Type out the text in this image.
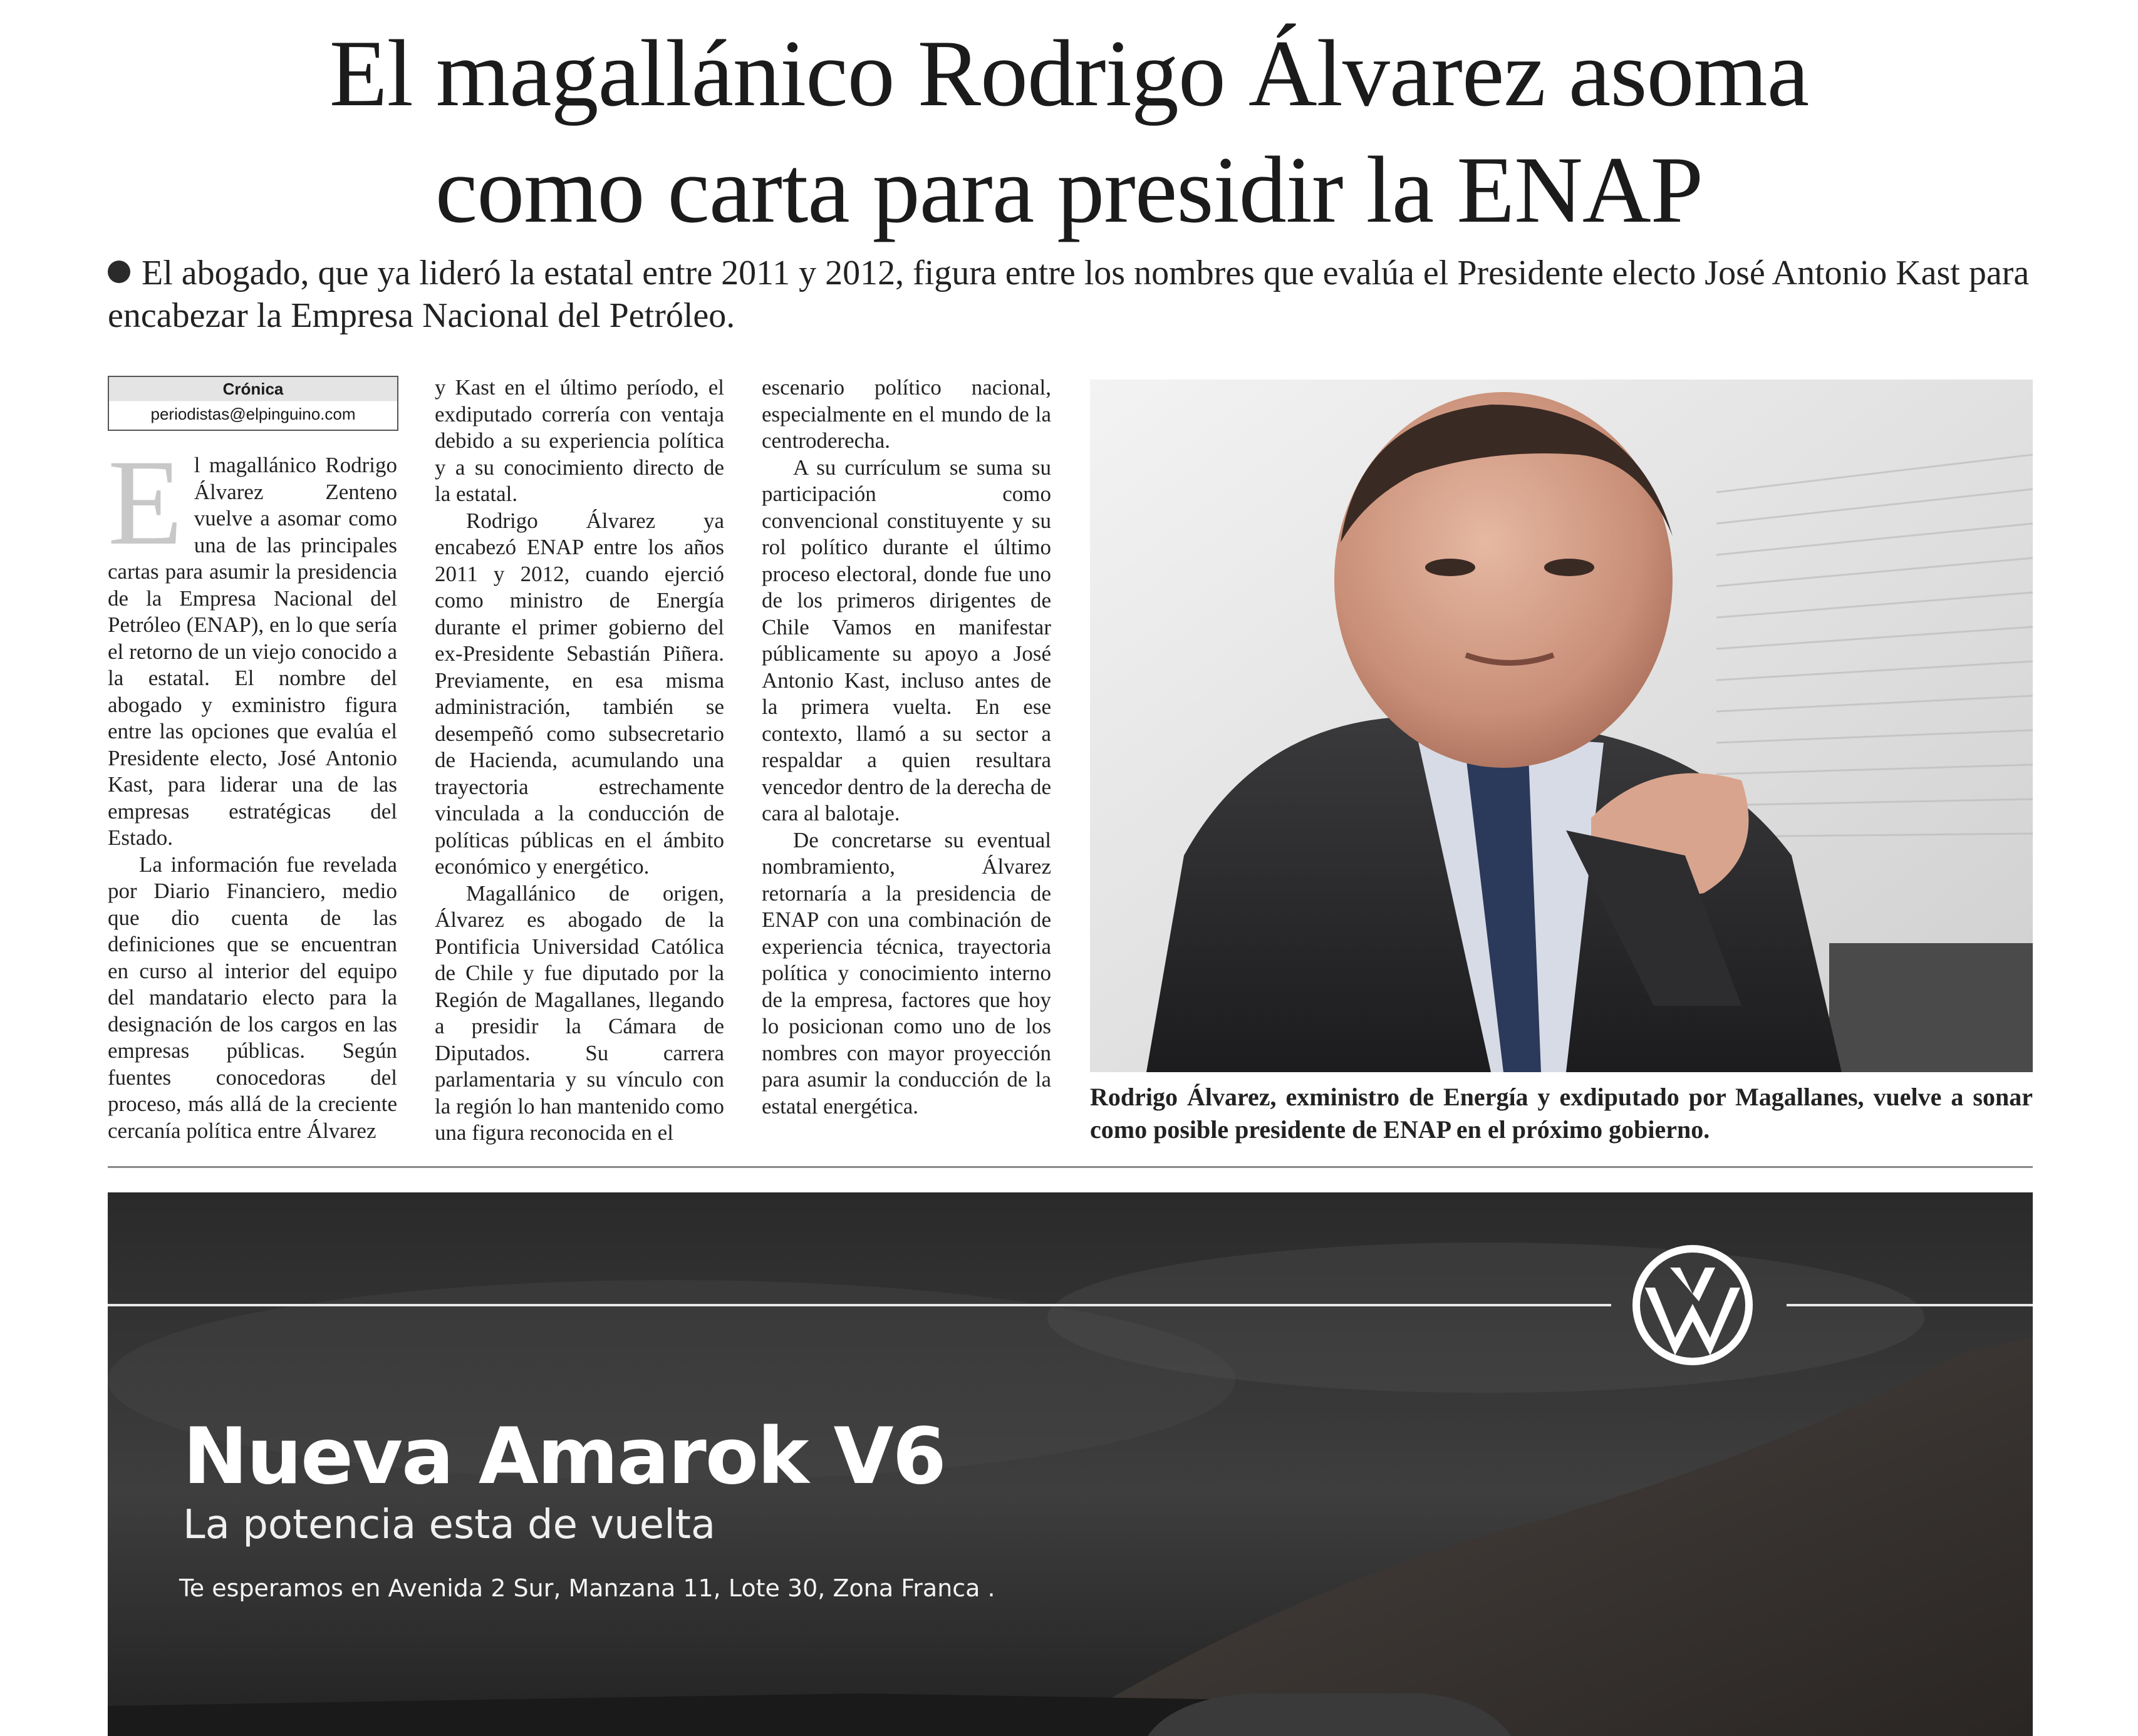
El magallánico Rodrigo Álvarez asoma
como carta para presidir la ENAP

El abogado, que ya lideró la estatal entre 2011 y 2012, figura entre los nombres que evalúa el Presidente electo José Antonio Kast para encabezar la Empresa Nacional del Petróleo.

Crónica
periodistas@elpinguino.com
E l magallánico Rodrigo Álvarez Zenteno vuelve a asomar como una de las principales cartas para asumir la presidencia de la Empresa Nacional del Petróleo (ENAP), en lo que sería el retorno de un viejo conocido a la estatal. El nombre del abogado y exministro figura entre las opciones que evalúa el Presidente electo, José Antonio Kast, para liderar una de las empresas estratégicas del Estado.

La información fue revelada por Diario Financiero, medio que dio cuenta de las definiciones que se encuentran en curso al interior del equipo del mandatario electo para la designación de los cargos en las empresas públicas. Según fuentes conocedoras del proceso, más allá de la creciente cercanía política entre Álvarez

y Kast en el último período, el exdiputado correría con ventaja debido a su experiencia política y a su conocimiento directo de la estatal.

Rodrigo Álvarez ya encabezó ENAP entre los años 2011 y 2012, cuando ejerció como ministro de Energía durante el primer gobierno del ex-Presidente Sebastián Piñera. Previamente, en esa misma administración, también se desempeñó como subsecretario de Hacienda, acumulando una trayectoria estrechamente vinculada a la conducción de políticas públicas en el ámbito económico y energético.

Magallánico de origen, Álvarez es abogado de la Pontificia Universidad Católica de Chile y fue diputado por la Región de Magallanes, llegando a presidir la Cámara de Diputados. Su carrera parlamentaria y su vínculo con la región lo han mantenido como una figura reconocida en el

escenario político nacional, especialmente en el mundo de la centroderecha.

A su currículum se suma su participación como convencional constituyente y su rol político durante el último proceso electoral, donde fue uno de los primeros dirigentes de Chile Vamos en manifestar públicamente su apoyo a José Antonio Kast, incluso antes de la primera vuelta. En ese contexto, llamó a su sector a respaldar a quien resultara vencedor dentro de la derecha de cara al balotaje.

De concretarse su eventual nombramiento, Álvarez retornaría a la presidencia de ENAP con una combinación de experiencia técnica, trayectoria política y conocimiento interno de la empresa, factores que hoy lo posicionan como uno de los nombres con mayor proyección para asumir la conducción de la estatal energética.	Rodrigo Álvarez, exministro de Energía y exdiputado por Magallanes, vuelve a sonar como posible presidente de ENAP en el próximo gobierno.
Nueva Amarok V6
La potencia esta de vuelta
Te esperamos en Avenida 2 Sur, Manzana 11, Lote 30, Zona Franca .
